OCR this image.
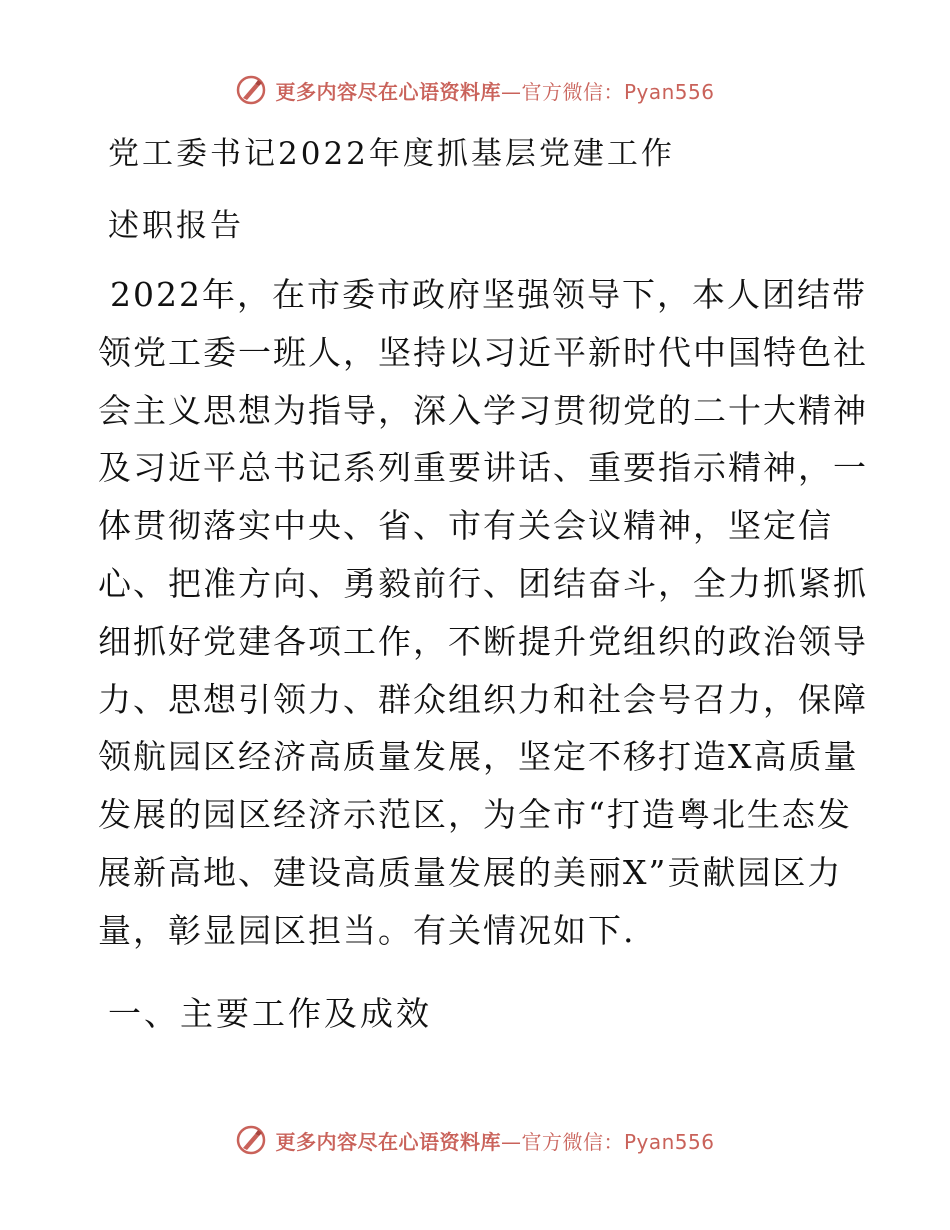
更多内容尽在心语资料库—官方微信：Pyan556
党工委书记2022年度抓基层党建工作
述职报告
2022年，在市委市政府坚强领导下，本人团结带
领党工委一班人，坚持以习近平新时代中国特色社
会主义思想为指导，深入学习贯彻党的二十大精神
及习近平总书记系列重要讲话、重要指示精神，一
体贯彻落实中央、省、市有关会议精神，坚定信
心、把准方向、勇毅前行、团结奋斗，全力抓紧抓
细抓好党建各项工作，不断提升党组织的政治领导
力、思想引领力、群众组织力和社会号召力，保障
领航园区经济高质量发展，坚定不移打造X高质量
发展的园区经济示范区，为全市“打造粤北生态发
展新高地、建设高质量发展的美丽X”贡献园区力
量，彰显园区担当。有关情况如下.
一、主要工作及成效
更多内容尽在心语资料库—官方微信：Pyan556
